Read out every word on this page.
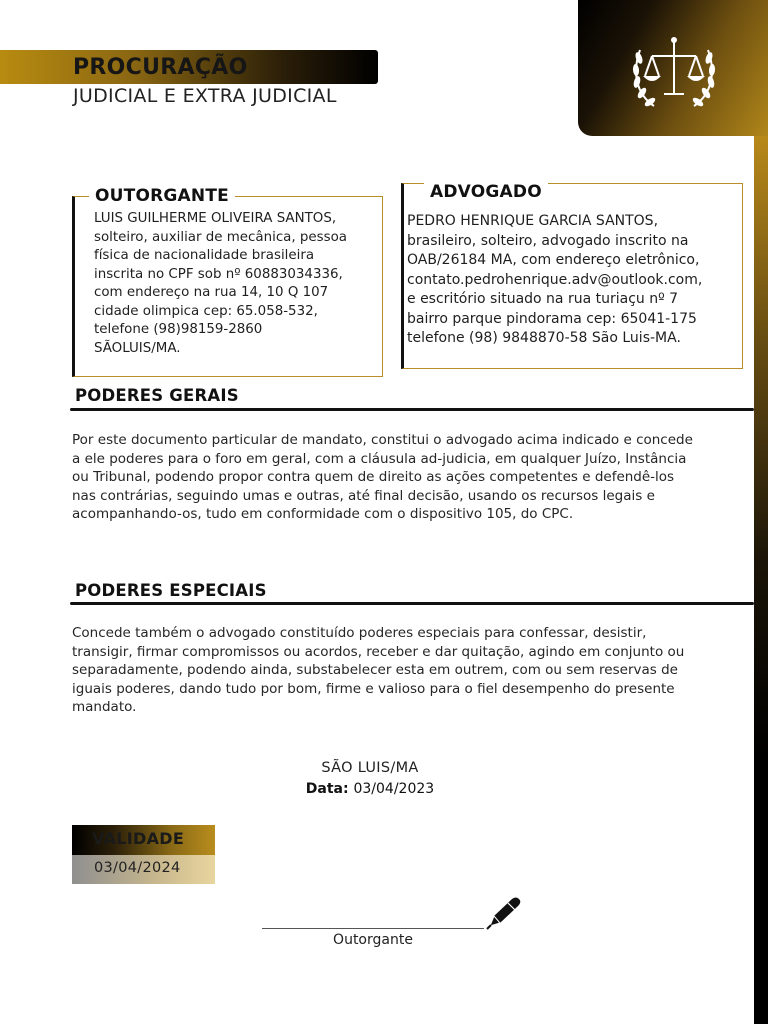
PROCURAÇÃO
JUDICIAL E EXTRA JUDICIAL
OUTORGANTE
LUIS GUILHERME OLIVEIRA SANTOS,
solteiro, auxiliar de mecânica, pessoa
física de nacionalidade brasileira
inscrita no CPF sob nº 60883034336,
com endereço na rua 14, 10 Q 107
cidade olimpica cep: 65.058-532,
telefone (98)98159-2860
SÃOLUIS/MA.
ADVOGADO
PEDRO HENRIQUE GARCIA SANTOS,
brasileiro, solteiro, advogado inscrito na
OAB/26184 MA, com endereço eletrônico,
contato.pedrohenrique.adv@outlook.com,
e escritório situado na rua turiaçu nº 7
bairro parque pindorama cep: 65041-175
telefone (98) 9848870-58 São Luis-MA.
PODERES GERAIS
Por este documento particular de mandato, constitui o advogado acima indicado e concede a ele poderes para o foro em geral, com a cláusula ad-judicia, em qualquer Juízo, Instância ou Tribunal, podendo propor contra quem de direito as ações competentes e defendê-los nas contrárias, seguindo umas e outras, até final decisão, usando os recursos legais e acompanhando-os, tudo em conformidade com o dispositivo 105, do CPC.
PODERES ESPECIAIS
Concede também o advogado constituído poderes especiais para confessar, desistir, transigir, firmar compromissos ou acordos, receber e dar quitação, agindo em conjunto ou separadamente, podendo ainda, substabelecer esta em outrem, com ou sem reservas de iguais poderes, dando tudo por bom, firme e valioso para o fiel desempenho do presente mandato.
SÃO LUIS/MA
Data: 03/04/2023
VALIDADE
03/04/2024
Outorgante
